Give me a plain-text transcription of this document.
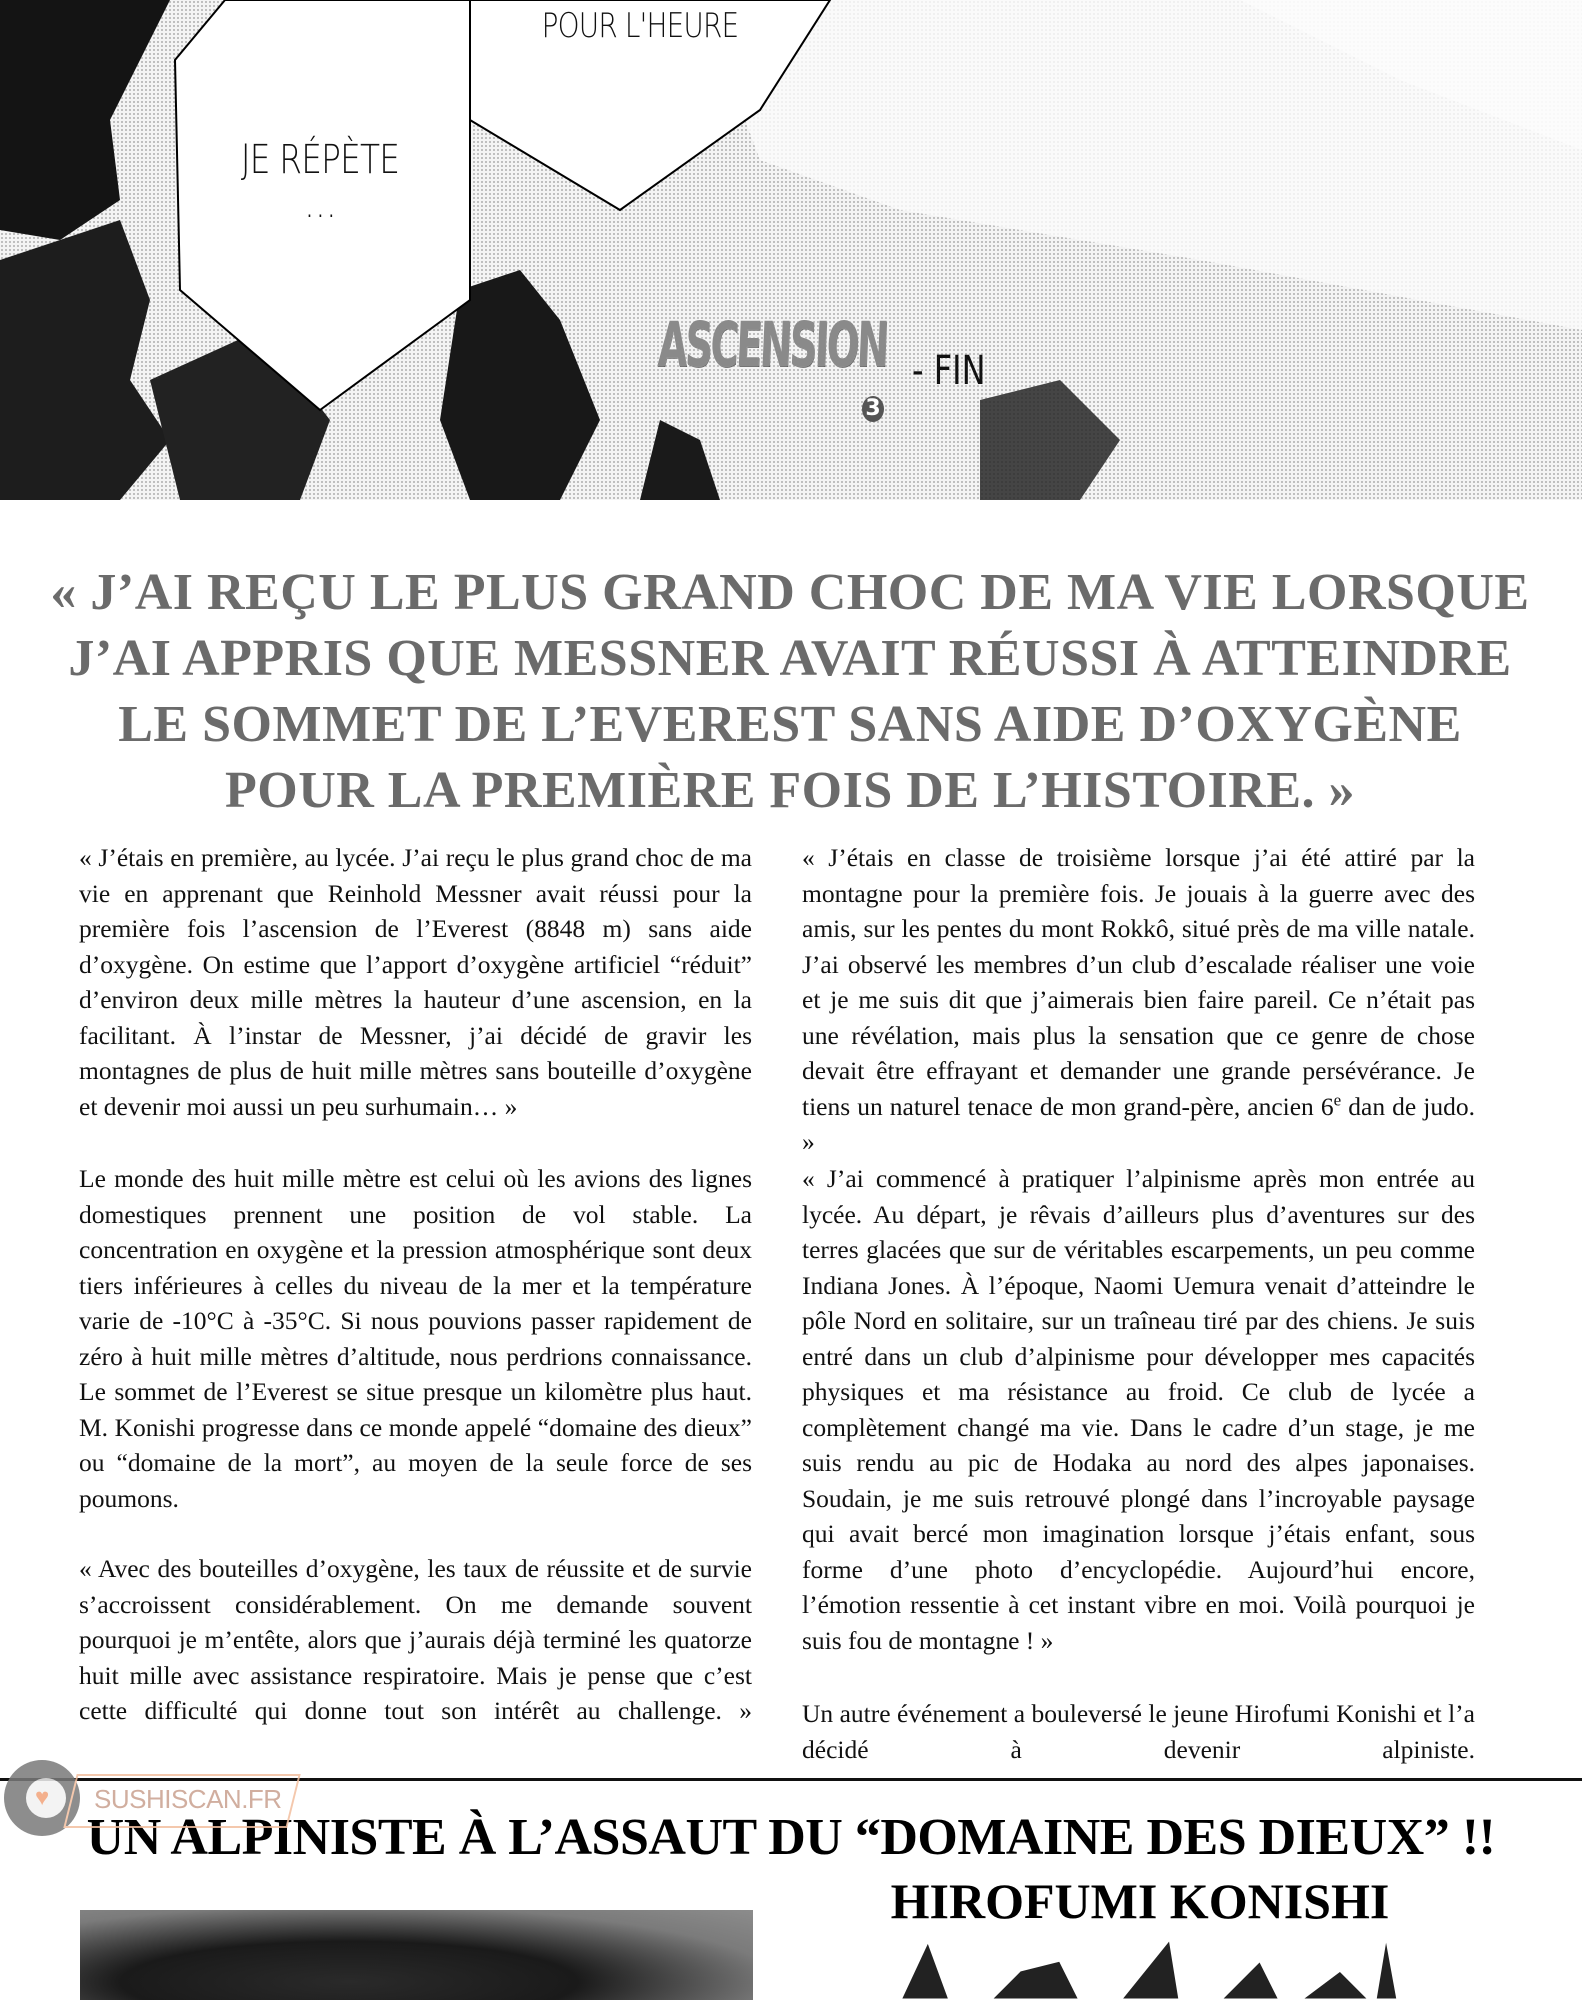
POUR L'HEURE
JE RÉPÈTE
…
ASCENSION
3
- FIN
« J’AI REÇU LE PLUS GRAND CHOC DE MA VIE LORSQUE
J’AI APPRIS QUE MESSNER AVAIT RÉUSSI À ATTEINDRE
LE SOMMET DE L’EVEREST SANS AIDE D’OXYGÈNE
POUR LA PREMIÈRE FOIS DE L’HISTOIRE. »

« J’étais en première, au lycée. J’ai reçu le plus grand choc de ma vie en apprenant que Reinhold Messner avait réussi pour la première fois l’ascension de l’Everest (8848 m) sans aide d’oxygène. On estime que l’apport d’oxygène artificiel “réduit” d’environ deux mille mètres la hauteur d’une ascension, en la facilitant. À l’instar de Messner, j’ai décidé de gravir les montagnes de plus de huit mille mètres sans bouteille d’oxygène et devenir moi aussi un peu surhumain… »

Le monde des huit mille mètre est celui où les avions des lignes domestiques prennent une position de vol stable. La concentration en oxygène et la pression atmosphérique sont deux tiers inférieures à celles du niveau de la mer et la température varie de -10°C à -35°C. Si nous pouvions passer rapidement de zéro à huit mille mètres d’altitude, nous perdrions connaissance. Le sommet de l’Everest se situe presque un kilomètre plus haut. M. Konishi progresse dans ce monde appelé “domaine des dieux” ou “domaine de la mort”, au moyen de la seule force de ses poumons.

« Avec des bouteilles d’oxygène, les taux de réussite et de survie s’accroissent considérablement. On me demande souvent pourquoi je m’entête, alors que j’aurais déjà terminé les quatorze huit mille avec assistance respiratoire. Mais je pense que c’est cette difficulté qui donne tout son intérêt au challenge. »

« J’étais en classe de troisième lorsque j’ai été attiré par la montagne pour la première fois. Je jouais à la guerre avec des amis, sur les pentes du mont Rokkô, situé près de ma ville natale. J’ai observé les membres d’un club d’escalade réaliser une voie et je me suis dit que j’aimerais bien faire pareil. Ce n’était pas une révélation, mais plus la sensation que ce genre de chose devait être effrayant et demander une grande persévérance. Je tiens un naturel tenace de mon grand-père, ancien 6e dan de judo. »

« J’ai commencé à pratiquer l’alpinisme après mon entrée au lycée. Au départ, je rêvais d’ailleurs plus d’aventures sur des terres glacées que sur de véritables escarpements, un peu comme Indiana Jones. À l’époque, Naomi Uemura venait d’atteindre le pôle Nord en solitaire, sur un traîneau tiré par des chiens. Je suis entré dans un club d’alpinisme pour développer mes capacités physiques et ma résistance au froid. Ce club de lycée a complètement changé ma vie. Dans le cadre d’un stage, je me suis rendu au pic de Hodaka au nord des alpes japonaises. Soudain, je me suis retrouvé plongé dans l’incroyable paysage qui avait bercé mon imagination lorsque j’étais enfant, sous forme d’une photo d’encyclopédie. Aujourd’hui encore, l’émotion ressentie à cet instant vibre en moi. Voilà pourquoi je suis fou de montagne ! »

Un autre événement a bouleversé le jeune Hirofumi Konishi et l’a décidé à devenir alpiniste.

UN ALPINISTE À L’ASSAUT DU “DOMAINE DES DIEUX” !!
HIROFUMI KONISHI
♥ SUSHISCAN.FR
